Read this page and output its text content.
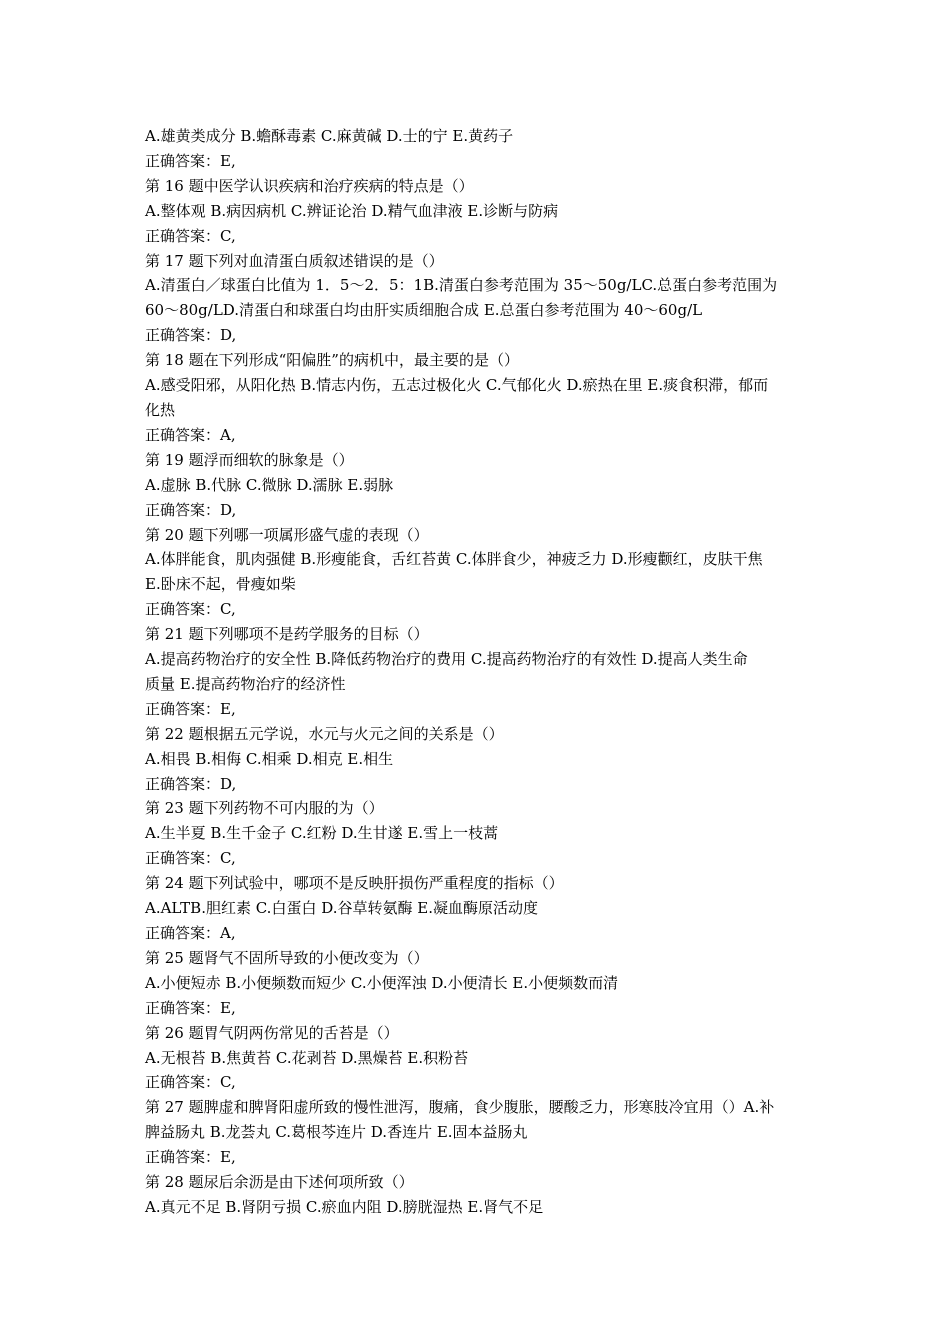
A.雄黄类成分 B.蟾酥毒素 C.麻黄碱 D.士的宁 E.黄药子

正确答案：E,

第 16 题中医学认识疾病和治疗疾病的特点是（）

A.整体观 B.病因病机 C.辨证论治 D.精气血津液 E.诊断与防病

正确答案：C,

第 17 题下列对血清蛋白质叙述错误的是（）

A.清蛋白／球蛋白比值为 1．5～2．5：1B.清蛋白参考范围为 35～50g/LC.总蛋白参考范围为

60～80g/LD.清蛋白和球蛋白均由肝实质细胞合成 E.总蛋白参考范围为 40～60g/L

正确答案：D,

第 18 题在下列形成“阳偏胜”的病机中，最主要的是（）

A.感受阳邪，从阳化热 B.情志内伤，五志过极化火 C.气郁化火 D.瘀热在里 E.痰食积滞，郁而

化热

正确答案：A,

第 19 题浮而细软的脉象是（）

A.虚脉 B.代脉 C.微脉 D.濡脉 E.弱脉

正确答案：D,

第 20 题下列哪一项属形盛气虚的表现（）

A.体胖能食，肌肉强健 B.形瘦能食，舌红苔黄 C.体胖食少，神疲乏力 D.形瘦颧红，皮肤干焦

E.卧床不起，骨瘦如柴

正确答案：C,

第 21 题下列哪项不是药学服务的目标（）

A.提高药物治疗的安全性 B.降低药物治疗的费用 C.提高药物治疗的有效性 D.提高人类生命

质量 E.提高药物治疗的经济性

正确答案：E,

第 22 题根据五元学说，水元与火元之间的关系是（）

A.相畏 B.相侮 C.相乘 D.相克 E.相生

正确答案：D,

第 23 题下列药物不可内服的为（）

A.生半夏 B.生千金子 C.红粉 D.生甘遂 E.雪上一枝蒿

正确答案：C,

第 24 题下列试验中，哪项不是反映肝损伤严重程度的指标（）

A.ALTB.胆红素 C.白蛋白 D.谷草转氨酶 E.凝血酶原活动度

正确答案：A,

第 25 题肾气不固所导致的小便改变为（）

A.小便短赤 B.小便频数而短少 C.小便浑浊 D.小便清长 E.小便频数而清

正确答案：E,

第 26 题胃气阴两伤常见的舌苔是（）

A.无根苔 B.焦黄苔 C.花剥苔 D.黑燥苔 E.积粉苔

正确答案：C,

第 27 题脾虚和脾肾阳虚所致的慢性泄泻，腹痛，食少腹胀，腰酸乏力，形寒肢冷宜用（）A.补

脾益肠丸 B.龙荟丸 C.葛根芩连片 D.香连片 E.固本益肠丸

正确答案：E,

第 28 题尿后余沥是由下述何项所致（）

A.真元不足 B.肾阴亏损 C.瘀血内阻 D.膀胱湿热 E.肾气不足
